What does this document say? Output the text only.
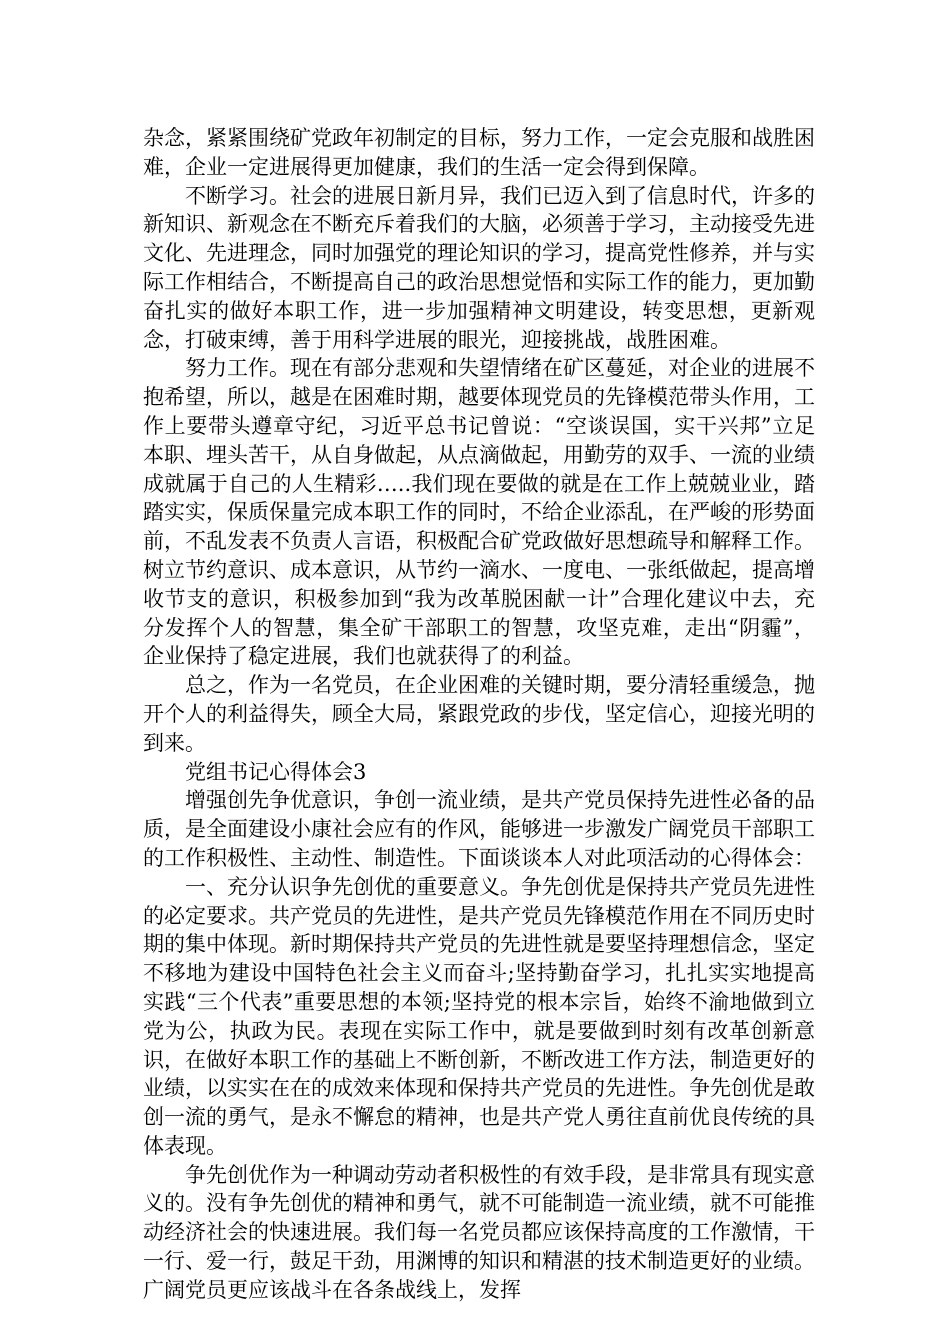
杂念，紧紧围绕矿党政年初制定的目标，努力工作，一定会克服和战胜困难，企业一定进展得更加健康，我们的生活一定会得到保障。

不断学习。社会的进展日新月异，我们已迈入到了信息时代，许多的新知识、新观念在不断充斥着我们的大脑，必须善于学习，主动接受先进文化、先进理念，同时加强党的理论知识的学习，提高党性修养，并与实际工作相结合，不断提高自己的政治思想觉悟和实际工作的能力，更加勤奋扎实的做好本职工作，进一步加强精神文明建设，转变思想，更新观念，打破束缚，善于用科学进展的眼光，迎接挑战，战胜困难。

努力工作。现在有部分悲观和失望情绪在矿区蔓延，对企业的进展不抱希望，所以，越是在困难时期，越要体现党员的先锋模范带头作用，工作上要带头遵章守纪，习近平总书记曾说：“空谈误国，实干兴邦”立足本职、埋头苦干，从自身做起，从点滴做起，用勤劳的双手、一流的业绩成就属于自己的人生精彩…..我们现在要做的就是在工作上兢兢业业，踏踏实实，保质保量完成本职工作的同时，不给企业添乱，在严峻的形势面前，不乱发表不负责人言语，积极配合矿党政做好思想疏导和解释工作。树立节约意识、成本意识，从节约一滴水、一度电、一张纸做起，提高增收节支的意识，积极参加到“我为改革脱困献一计”合理化建议中去，充分发挥个人的智慧，集全矿干部职工的智慧，攻坚克难，走出“阴霾”，企业保持了稳定进展，我们也就获得了的利益。

总之，作为一名党员，在企业困难的关键时期，要分清轻重缓急，抛开个人的利益得失，顾全大局，紧跟党政的步伐，坚定信心，迎接光明的到来。

党组书记心得体会3

增强创先争优意识，争创一流业绩，是共产党员保持先进性必备的品质，是全面建设小康社会应有的作风，能够进一步激发广阔党员干部职工的工作积极性、主动性、制造性。下面谈谈本人对此项活动的心得体会：

一、充分认识争先创优的重要意义。争先创优是保持共产党员先进性的必定要求。共产党员的先进性，是共产党员先锋模范作用在不同历史时期的集中体现。新时期保持共产党员的先进性就是要坚持理想信念，坚定不移地为建设中国特色社会主义而奋斗;坚持勤奋学习，扎扎实实地提高实践“三个代表”重要思想的本领;坚持党的根本宗旨，始终不渝地做到立党为公，执政为民。表现在实际工作中，就是要做到时刻有改革创新意识，在做好本职工作的基础上不断创新，不断改进工作方法，制造更好的业绩，以实实在在的成效来体现和保持共产党员的先进性。争先创优是敢创一流的勇气，是永不懈怠的精神，也是共产党人勇往直前优良传统的具体表现。

争先创优作为一种调动劳动者积极性的有效手段，是非常具有现实意义的。没有争先创优的精神和勇气，就不可能制造一流业绩，就不可能推动经济社会的快速进展。我们每一名党员都应该保持高度的工作激情，干一行、爱一行，鼓足干劲，用渊博的知识和精湛的技术制造更好的业绩。广阔党员更应该战斗在各条战线上，发挥
